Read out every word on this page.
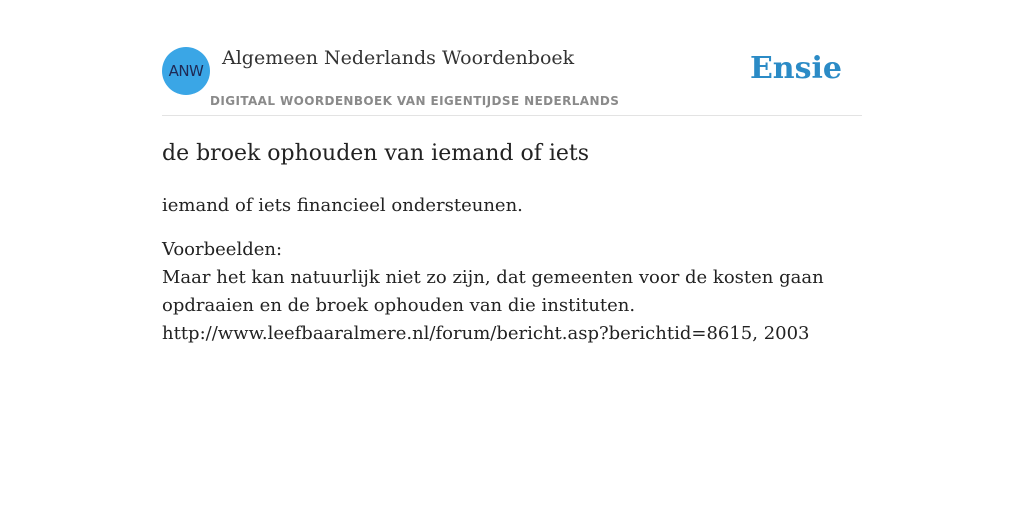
ANW
Algemeen Nederlands Woordenboek
DIGITAAL WOORDENBOEK VAN EIGENTIJDSE NEDERLANDS
Ensie
de broek ophouden van iemand of iets

iemand of iets financieel ondersteunen.

Voorbeelden:

Maar het kan natuurlijk niet zo zijn, dat gemeenten voor de kosten gaan opdraaien en de broek ophouden van die instituten.

http://www.leefbaaralmere.nl/forum/bericht.asp?berichtid=8615, 2003
